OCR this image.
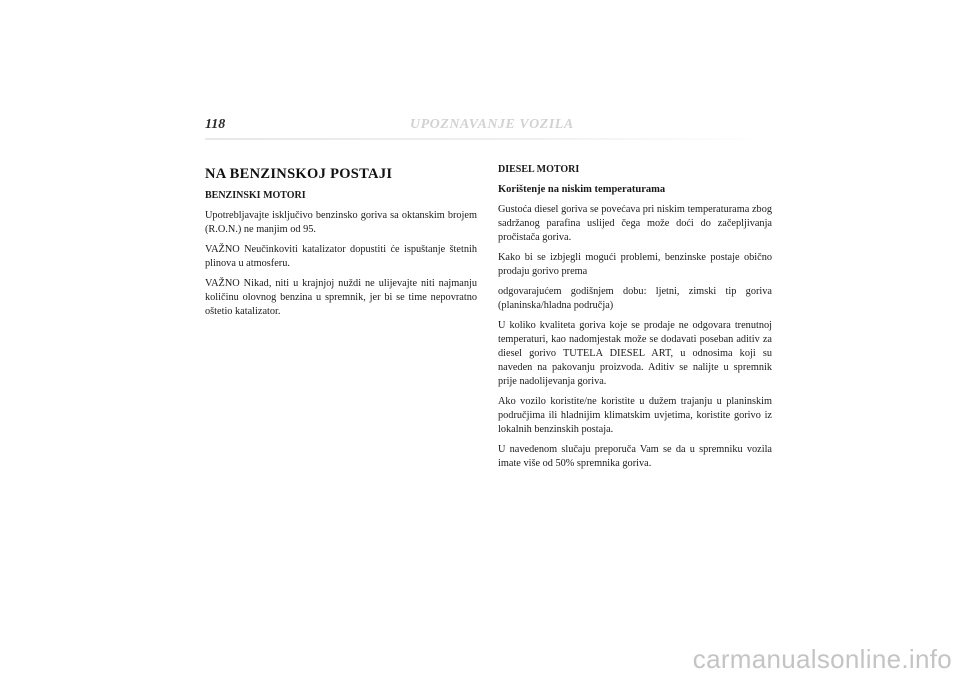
118	UPOZNAVANJE VOZILA

NA BENZINSKOJ POSTAJI

BENZINSKI MOTORI

Upotrebljavajte isključivo benzinsko goriva sa oktanskim brojem (R.O.N.) ne manjim od 95.

VAŽNO Neučinkoviti katalizator dopustiti će ispuštanje štetnih plinova u atmosferu.

VAŽNO Nikad, niti u krajnjoj nuždi ne ulijevajte niti najmanju količinu olovnog benzina u spremnik, jer bi se time nepovratno oštetio katalizator.

DIESEL MOTORI

Korištenje na niskim temperaturama

Gustoća diesel goriva se povećava pri niskim temperaturama zbog sadržanog parafina uslijed čega može doći do začepljivanja pročistača goriva.

Kako bi se izbjegli mogući problemi, benzinske postaje obično prodaju gorivo prema

odgovarajućem godišnjem dobu: ljetni, zimski tip goriva (planinska/hladna područja)

U koliko kvaliteta goriva koje se prodaje ne odgovara trenutnoj temperaturi, kao nadomjestak može se dodavati poseban aditiv za diesel gorivo TUTELA DIESEL ART, u odnosima koji su naveden na pakovanju proizvoda. Aditiv se nalijte u spremnik prije nadolijevanja goriva.

Ako vozilo koristite/ne koristite u dužem trajanju u planinskim područjima ili hladnijim klimatskim uvjetima, koristite gorivo iz lokalnih benzinskih postaja.

U navedenom slučaju preporuča Vam se da u spremniku vozila imate više od 50% spremnika goriva.

carmanualsonline.info
